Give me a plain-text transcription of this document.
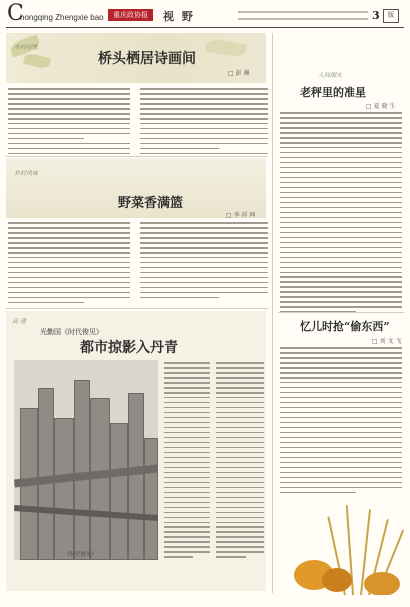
C
hongqing Zhengxie bao	重庆政协报	视 野	3	版
乡村印象
桥头栖居诗画间
□ 彭 琳
乡村风味
野菜香满篮
□ 李 祥 坤
高 速
光勤国《时代俊见》
都市掠影入丹青
《时代俊见》
人间烟火
老秤里的准星
□ 夏 晓 生
忆儿时抢“偷东西”
□ 刘 文 飞
